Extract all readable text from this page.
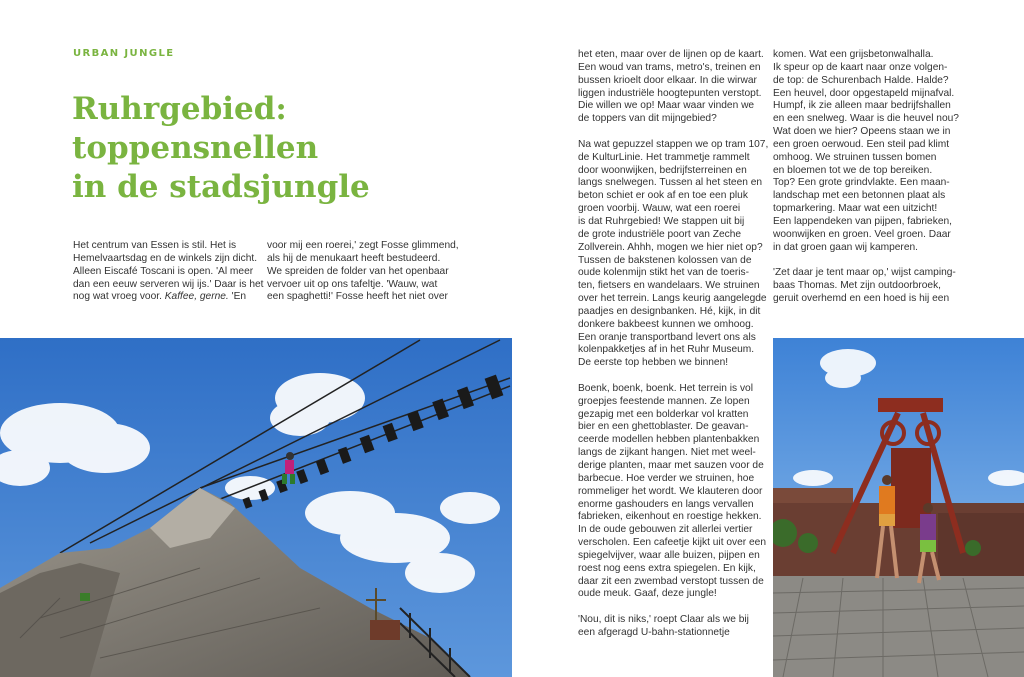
URBAN JUNGLE
Ruhrgebied:
toppensnellen
in de stadsjungle
Het centrum van Essen is stil. Het is
Hemelvaartsdag en de winkels zijn dicht.
Alleen Eiscafé Toscani is open. 'Al meer
dan een eeuw serveren wij ijs.' Daar is het
nog wat vroeg voor. Kaffee, gerne. 'En
voor mij een roerei,' zegt Fosse glimmend,
als hij de menukaart heeft bestudeerd.
We spreiden de folder van het openbaar
vervoer uit op ons tafeltje. 'Wauw, wat
een spaghetti!' Fosse heeft het niet over

het eten, maar over de lijnen op de kaart.
Een woud van trams, metro's, treinen en
bussen krioelt door elkaar. In die wirwar
liggen industriële hoogtepunten verstopt.
Die willen we op! Maar waar vinden we
de toppers van dit mijngebied?

Na wat gepuzzel stappen we op tram 107,
de KulturLinie. Het trammetje rammelt
door woonwijken, bedrijfsterreinen en
langs snelwegen. Tussen al het steen en
beton schiet er ook af en toe een pluk
groen voorbij. Wauw, wat een roerei
is dat Ruhrgebied! We stappen uit bij
de grote industriële poort van Zeche
Zollverein. Ahhh, mogen we hier niet op?
Tussen de bakstenen kolossen van de
oude kolenmijn stikt het van de toeris-
ten, fietsers en wandelaars. We struinen
over het terrein. Langs keurig aangelegde
paadjes en designbanken. Hé, kijk, in dit
donkere bakbeest kunnen we omhoog.
Een oranje transportband levert ons als
kolenpakketjes af in het Ruhr Museum.
De eerste top hebben we binnen!

Boenk, boenk, boenk. Het terrein is vol
groepjes feestende mannen. Ze lopen
gezapig met een bolderkar vol kratten
bier en een ghettoblaster. De geavan-
ceerde modellen hebben plantenbakken
langs de zijkant hangen. Niet met weel-
derige planten, maar met sauzen voor de
barbecue. Hoe verder we struinen, hoe
rommeliger het wordt. We klauteren door
enorme gashouders en langs vervallen
fabrieken, eikenhout en roestige hekken.
In de oude gebouwen zit allerlei vertier
verscholen. Een cafeetje kijkt uit over een
spiegelvijver, waar alle buizen, pijpen en
roest nog eens extra spiegelen. En kijk,
daar zit een zwembad verstopt tussen de
oude meuk. Gaaf, deze jungle!

'Nou, dit is niks,' roept Claar als we bij
een afgeragd U-bahn-stationnetje

komen. Wat een grijsbetonwalhalla.
Ik speur op de kaart naar onze volgen-
de top: de Schurenbach Halde. Halde?
Een heuvel, door opgestapeld mijnafval.
Humpf, ik zie alleen maar bedrijfshallen
en een snelweg. Waar is die heuvel nou?
Wat doen we hier? Opeens staan we in
een groen oerwoud. Een steil pad klimt
omhoog. We struinen tussen bomen
en bloemen tot we de top bereiken.
Top? Een grote grindvlakte. Een maan-
landschap met een betonnen plaat als
topmarkering. Maar wat een uitzicht!
Een lappendeken van pijpen, fabrieken,
woonwijken en groen. Veel groen. Daar
in dat groen gaan wij kamperen.

'Zet daar je tent maar op,' wijst camping-
baas Thomas. Met zijn outdoorbroek,
geruit overhemd en een hoed is hij een
